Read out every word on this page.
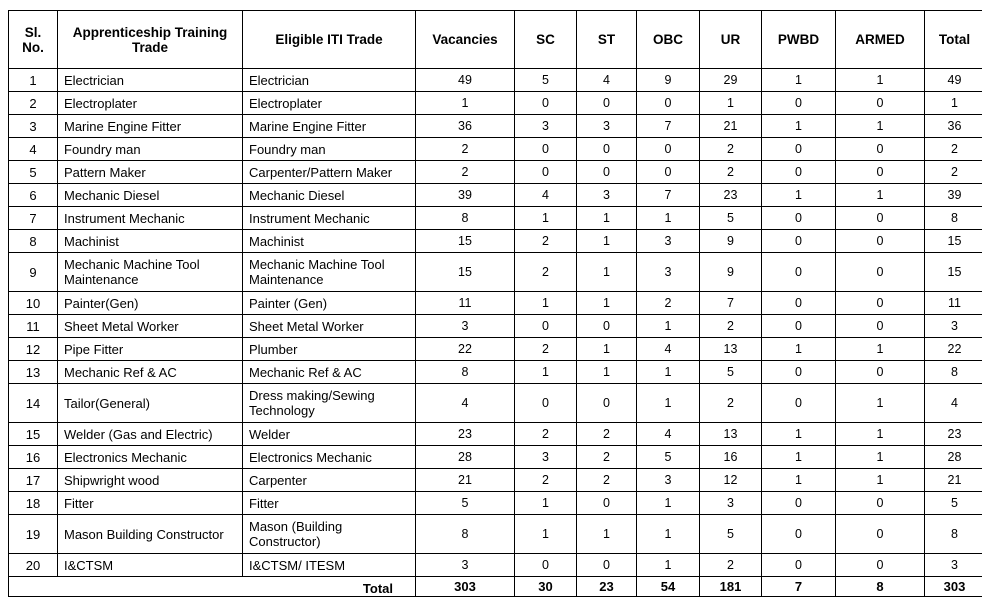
Sl. No.	Apprenticeship Training Trade	Eligible ITI Trade	Vacancies	SC	ST	OBC	UR	PWBD	ARMED	Total
1	Electrician	Electrician	49	5	4	9	29	1	1	49
2	Electroplater	Electroplater	1	0	0	0	1	0	0	1
3	Marine Engine Fitter	Marine Engine Fitter	36	3	3	7	21	1	1	36
4	Foundry man	Foundry man	2	0	0	0	2	0	0	2
5	Pattern Maker	Carpenter/Pattern Maker	2	0	0	0	2	0	0	2
6	Mechanic Diesel	Mechanic Diesel	39	4	3	7	23	1	1	39
7	Instrument Mechanic	Instrument Mechanic	8	1	1	1	5	0	0	8
8	Machinist	Machinist	15	2	1	3	9	0	0	15
9	Mechanic Machine Tool Maintenance	Mechanic Machine Tool Maintenance	15	2	1	3	9	0	0	15
10	Painter(Gen)	Painter (Gen)	11	1	1	2	7	0	0	11
11	Sheet Metal Worker	Sheet Metal Worker	3	0	0	1	2	0	0	3
12	Pipe Fitter	Plumber	22	2	1	4	13	1	1	22
13	Mechanic Ref & AC	Mechanic Ref & AC	8	1	1	1	5	0	0	8
14	Tailor(General)	Dress making/Sewing Technology	4	0	0	1	2	0	1	4
15	Welder (Gas and Electric)	Welder	23	2	2	4	13	1	1	23
16	Electronics Mechanic	Electronics Mechanic	28	3	2	5	16	1	1	28
17	Shipwright wood	Carpenter	21	2	2	3	12	1	1	21
18	Fitter	Fitter	5	1	0	1	3	0	0	5
19	Mason Building Constructor	Mason (Building Constructor)	8	1	1	1	5	0	0	8
20	I&CTSM	I&CTSM/ ITESM	3	0	0	1	2	0	0	3
Total			303	30	23	54	181	7	8	303
